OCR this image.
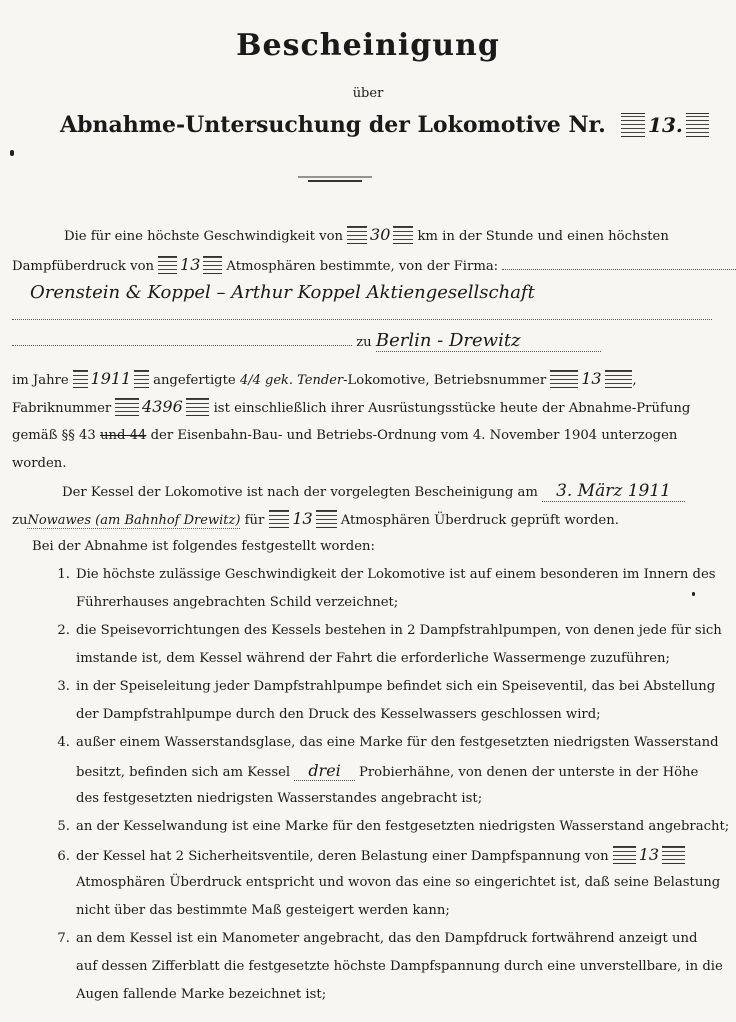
Bescheinigung
über
Abnahme-Untersuchung der Lokomotive Nr. 13.
Die für eine höchste Geschwindigkeit von 30 km in der Stunde und einen höchsten
Dampfüberdruck von 13 Atmosphären bestimmte, von der Firma:
Orenstein & Koppel – Arthur Koppel Aktiengesellschaft
zu Berlin - Drewitz
im Jahre 1911 angefertigte 4/4 gek. Tender-Lokomotive, Betriebsnummer 13 ,
Fabriknummer 4396 ist einschließlich ihrer Ausrüstungsstücke heute der Abnahme-Prüfung
gemäß §§ 43 und 44 der Eisenbahn-Bau- und Betriebs-Ordnung vom 4. November 1904 unterzogen
worden.
Der Kessel der Lokomotive ist nach der vorgelegten Bescheinigung am 3. März 1911
zuNowawes (am Bahnhof Drewitz) für 13 Atmosphären Überdruck geprüft worden.
Bei der Abnahme ist folgendes festgestellt worden:
1. Die höchste zulässige Geschwindigkeit der Lokomotive ist auf einem besonderen im Innern des
Führerhauses angebrachten Schild verzeichnet;
2. die Speisevorrichtungen des Kessels bestehen in 2 Dampfstrahlpumpen, von denen jede für sich
imstande ist, dem Kessel während der Fahrt die erforderliche Wassermenge zuzuführen;
3. in der Speiseleitung jeder Dampfstrahlpumpe befindet sich ein Speiseventil, das bei Abstellung
der Dampfstrahlpumpe durch den Druck des Kesselwassers geschlossen wird;
4. außer einem Wasserstandsglase, das eine Marke für den festgesetzten niedrigsten Wasserstand
besitzt, befinden sich am Kessel drei Probierhähne, von denen der unterste in der Höhe
des festgesetzten niedrigsten Wasserstandes angebracht ist;
5. an der Kesselwandung ist eine Marke für den festgesetzten niedrigsten Wasserstand angebracht;
6. der Kessel hat 2 Sicherheitsventile, deren Belastung einer Dampfspannung von 13
Atmosphären Überdruck entspricht und wovon das eine so eingerichtet ist, daß seine Belastung
nicht über das bestimmte Maß gesteigert werden kann;
7. an dem Kessel ist ein Manometer angebracht, das den Dampfdruck fortwährend anzeigt und
auf dessen Zifferblatt die festgesetzte höchste Dampfspannung durch eine unverstellbare, in die
Augen fallende Marke bezeichnet ist;
